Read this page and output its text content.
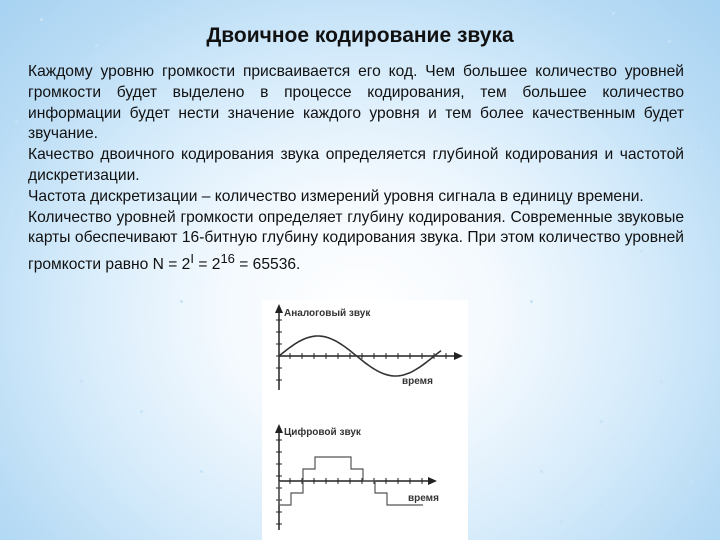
Двоичное кодирование звука

Каждому уровню громкости присваивается его код. Чем большее количество уровней громкости будет выделено в процессе кодирования, тем большее количество информации будет нести значение каждого уровня и тем более качественным будет звучание.

Качество двоичного кодирования звука определяется глубиной кодирования и частотой дискретизации.

Частота дискретизации – количество измерений уровня сигнала в единицу времени.

Количество уровней громкости определяет глубину кодирования. Современные звуковые карты обеспечивают 16-битную глубину кодирования звука. При этом количество уровней громкости равно $N = 2^I = 2^{16} = 65536$.

Аналоговый звук
время
Цифровой звук
время
